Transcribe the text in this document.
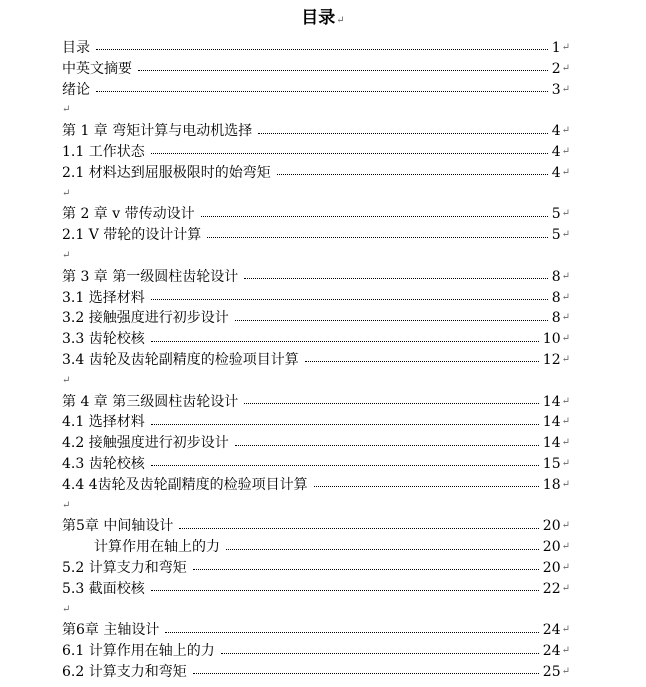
目录↵
目录	1 ↵
中英文摘要	2 ↵
绪论	3 ↵
↵
第 1 章 弯矩计算与电动机选择	4 ↵
1.1 工作状态	4 ↵
2.1 材料达到屈服极限时的始弯矩	4 ↵
↵
第 2 章 v 带传动设计	5 ↵
2.1 V 带轮的设计计算	5 ↵
↵
第 3 章 第一级圆柱齿轮设计	8 ↵
3.1 选择材料	8 ↵
3.2 接触强度进行初步设计	8 ↵
3.3 齿轮校核	10 ↵
3.4 齿轮及齿轮副精度的检验项目计算	12 ↵
↵
第 4 章 第三级圆柱齿轮设计	14 ↵
4.1 选择材料	14 ↵
4.2 接触强度进行初步设计	14 ↵
4.3 齿轮校核	15 ↵
4.4 4齿轮及齿轮副精度的检验项目计算	18 ↵
↵
第5章 中间轴设计	20 ↵
计算作用在轴上的力	20 ↵
5.2 计算支力和弯矩	20 ↵
5.3 截面校核	22 ↵
↵
第6章 主轴设计	24 ↵
6.1 计算作用在轴上的力	24 ↵
6.2 计算支力和弯矩	25 ↵
